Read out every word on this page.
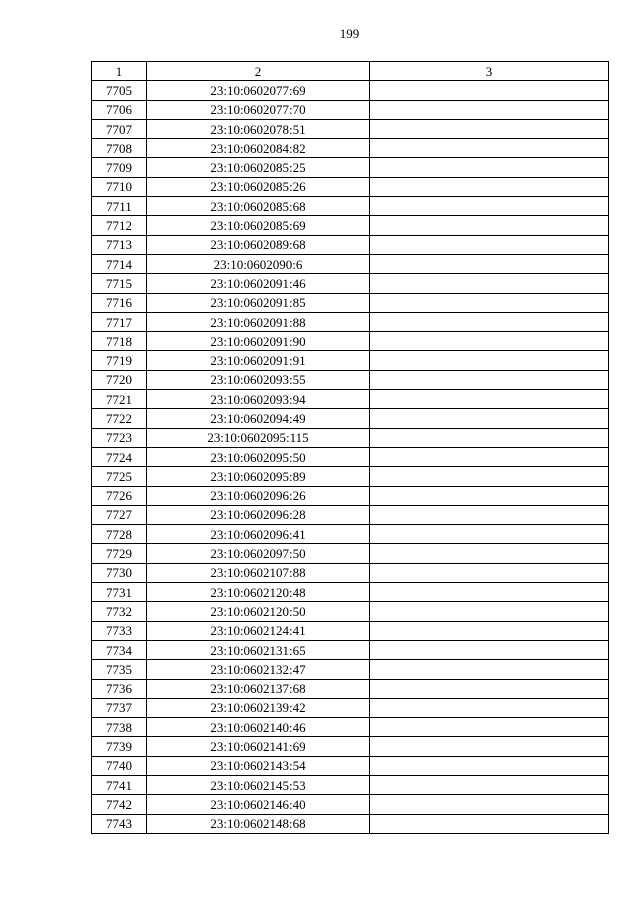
199
1	2	3
7705	23:10:0602077:69	
7706	23:10:0602077:70	
7707	23:10:0602078:51	
7708	23:10:0602084:82	
7709	23:10:0602085:25	
7710	23:10:0602085:26	
7711	23:10:0602085:68	
7712	23:10:0602085:69	
7713	23:10:0602089:68	
7714	23:10:0602090:6	
7715	23:10:0602091:46	
7716	23:10:0602091:85	
7717	23:10:0602091:88	
7718	23:10:0602091:90	
7719	23:10:0602091:91	
7720	23:10:0602093:55	
7721	23:10:0602093:94	
7722	23:10:0602094:49	
7723	23:10:0602095:115	
7724	23:10:0602095:50	
7725	23:10:0602095:89	
7726	23:10:0602096:26	
7727	23:10:0602096:28	
7728	23:10:0602096:41	
7729	23:10:0602097:50	
7730	23:10:0602107:88	
7731	23:10:0602120:48	
7732	23:10:0602120:50	
7733	23:10:0602124:41	
7734	23:10:0602131:65	
7735	23:10:0602132:47	
7736	23:10:0602137:68	
7737	23:10:0602139:42	
7738	23:10:0602140:46	
7739	23:10:0602141:69	
7740	23:10:0602143:54	
7741	23:10:0602145:53	
7742	23:10:0602146:40	
7743	23:10:0602148:68	
